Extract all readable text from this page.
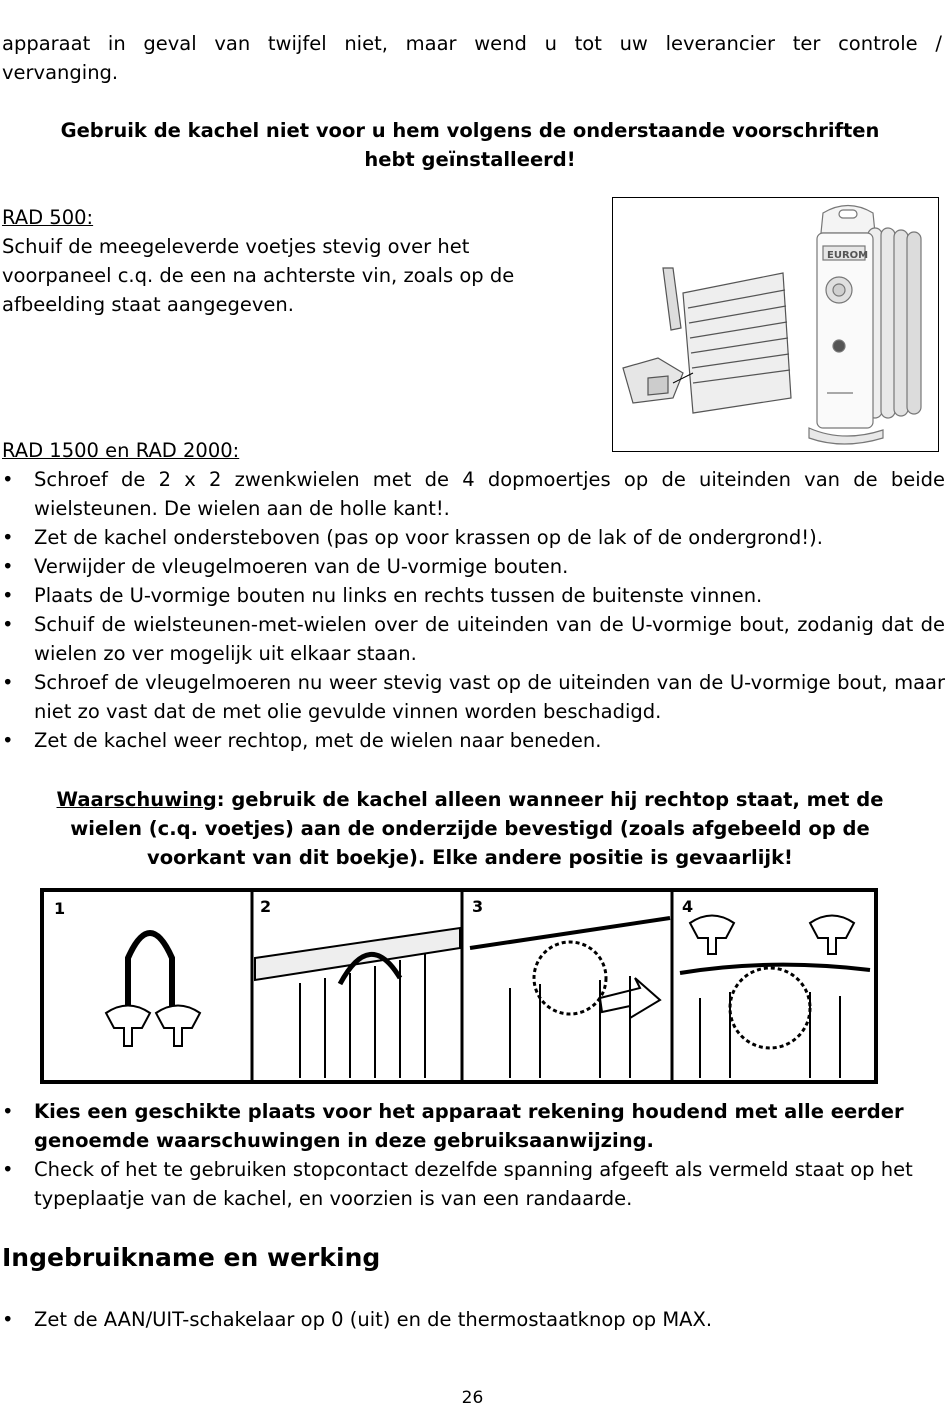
apparaat in geval van twijfel niet, maar wend u tot uw leverancier ter controle /
vervanging.
Gebruik de kachel niet voor u hem volgens de onderstaande voorschriften
hebt geïnstalleerd!
RAD 500:
Schuif de meegeleverde voetjes stevig over het
voorpaneel c.q. de een na achterste vin, zoals op de
afbeelding staat aangegeven.
EUROM
RAD 1500 en RAD 2000:
• Schroef de 2 x 2 zwenkwielen met de 4 dopmoertjes op de uiteinden van de beide wielsteunen. De wielen aan de holle kant!.
• Zet de kachel ondersteboven (pas op voor krassen op de lak of de ondergrond!).
• Verwijder de vleugelmoeren van de U-vormige bouten.
• Plaats de U-vormige bouten nu links en rechts tussen de buitenste vinnen.
• Schuif de wielsteunen-met-wielen over de uiteinden van de U-vormige bout, zodanig dat de wielen zo ver mogelijk uit elkaar staan.
• Schroef de vleugelmoeren nu weer stevig vast op de uiteinden van de U-vormige bout, maar niet zo vast dat de met olie gevulde vinnen worden beschadigd.
• Zet de kachel weer rechtop, met de wielen naar beneden.
Waarschuwing: gebruik de kachel alleen wanneer hij rechtop staat, met de
wielen (c.q. voetjes) aan de onderzijde bevestigd (zoals afgebeeld op de
voorkant van dit boekje). Elke andere positie is gevaarlijk!
1	2	3	4
• Kies een geschikte plaats voor het apparaat rekening houdend met alle eerder genoemde waarschuwingen in deze gebruiksaanwijzing.
• Check of het te gebruiken stopcontact dezelfde spanning afgeeft als vermeld staat op het typeplaatje van de kachel, en voorzien is van een randaarde.
Ingebruikname en werking
• Zet de AAN/UIT-schakelaar op 0 (uit) en de thermostaatknop op MAX.
26
